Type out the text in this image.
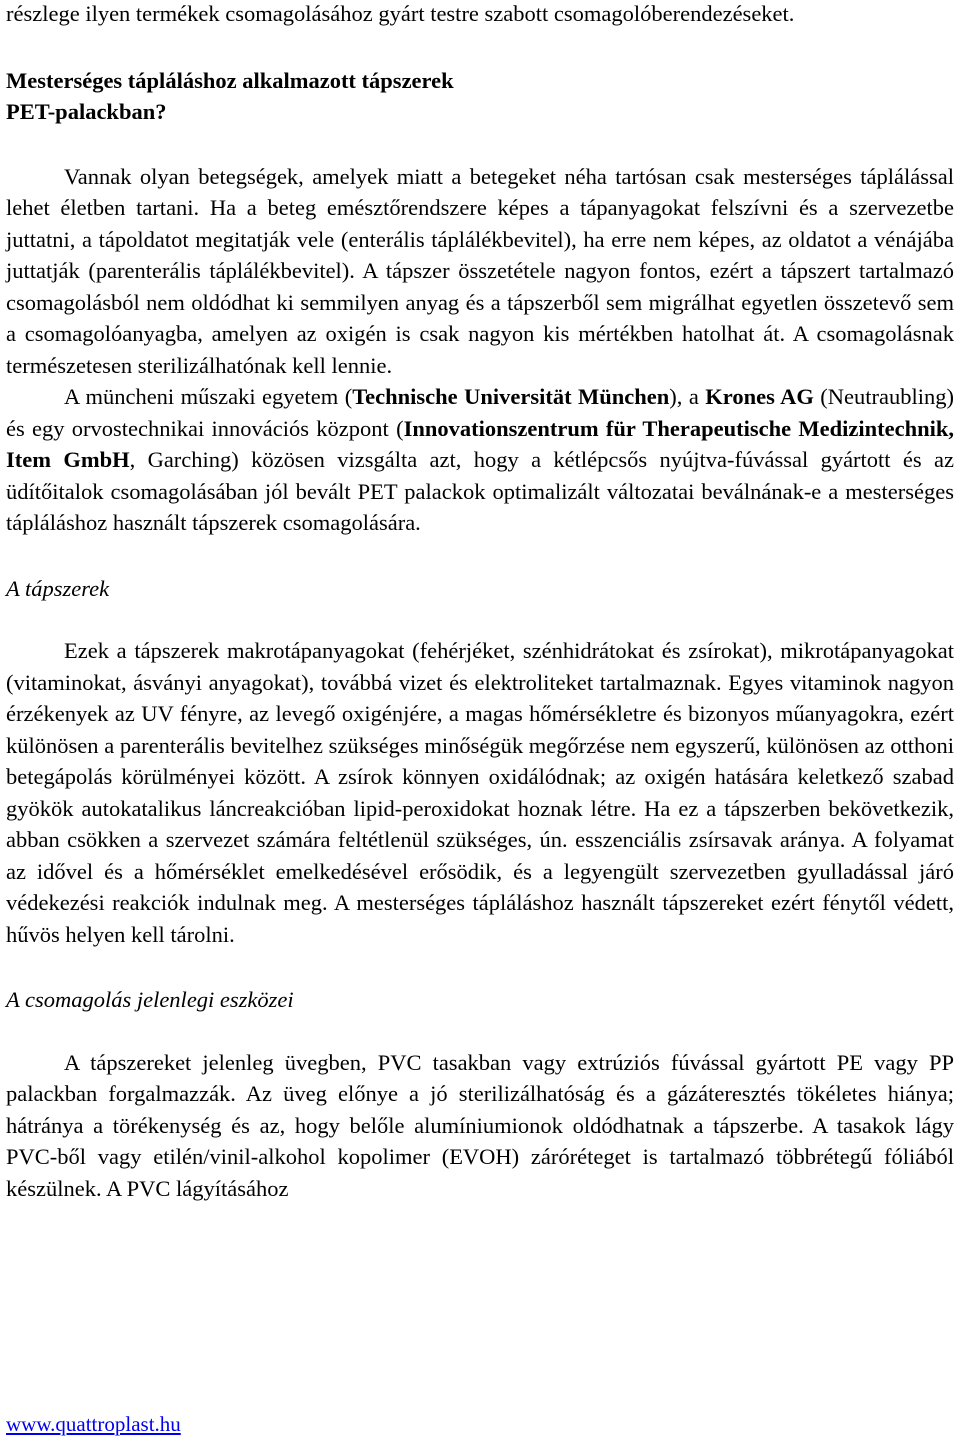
részlege ilyen termékek csomagolásához gyárt testre szabott csomagolóberendezéseket.

Mesterséges tápláláshoz alkalmazott tápszerek
PET-palackban?

Vannak olyan betegségek, amelyek miatt a betegeket néha tartósan csak mesterséges táplálással lehet életben tartani. Ha a beteg emésztőrendszere képes a tápanyagokat felszívni és a szervezetbe juttatni, a tápoldatot megitatják vele (enterális táplálékbevitel), ha erre nem képes, az oldatot a vénájába juttatják (parenterális táplálékbevitel). A tápszer összetétele nagyon fontos, ezért a tápszert tartalmazó csomagolásból nem oldódhat ki semmilyen anyag és a tápszerből sem migrálhat egyetlen összetevő sem a csomagolóanyagba, amelyen az oxigén is csak nagyon kis mértékben hatolhat át. A csomagolásnak természetesen sterilizálhatónak kell lennie.

A müncheni műszaki egyetem (Technische Universität München), a Krones AG (Neutraubling) és egy orvostechnikai innovációs központ (Innovationszentrum für Therapeutische Medizintechnik, Item GmbH, Garching) közösen vizsgálta azt, hogy a kétlépcsős nyújtva-fúvással gyártott és az üdítőitalok csomagolásában jól bevált PET palackok optimalizált változatai beválnának-e a mesterséges tápláláshoz használt tápszerek csomagolására.

A tápszerek

Ezek a tápszerek makrotápanyagokat (fehérjéket, szénhidrátokat és zsírokat), mikrotápanyagokat (vitaminokat, ásványi anyagokat), továbbá vizet és elektroliteket tartalmaznak. Egyes vitaminok nagyon érzékenyek az UV fényre, az levegő oxigénjére, a magas hőmérsékletre és bizonyos műanyagokra, ezért különösen a parenterális bevitelhez szükséges minőségük megőrzése nem egyszerű, különösen az otthoni betegápolás körülményei között. A zsírok könnyen oxidálódnak; az oxigén hatására keletkező szabad gyökök autokatalikus láncreakcióban lipid-peroxidokat hoznak létre. Ha ez a tápszerben bekövetkezik, abban csökken a szervezet számára feltétlenül szükséges, ún. esszenciális zsírsavak aránya. A folyamat az idővel és a hőmérséklet emelkedésével erősödik, és a legyengült szervezetben gyulladással járó védekezési reakciók indulnak meg. A mesterséges tápláláshoz használt tápszereket ezért fénytől védett, hűvös helyen kell tárolni.

A csomagolás jelenlegi eszközei

A tápszereket jelenleg üvegben, PVC tasakban vagy extrúziós fúvással gyártott PE vagy PP palackban forgalmazzák. Az üveg előnye a jó sterilizálhatóság és a gázáteresztés tökéletes hiánya; hátránya a törékenység és az, hogy belőle alumíniumionok oldódhatnak a tápszerbe. A tasakok lágy PVC-ből vagy etilén/vinil-alkohol kopolimer (EVOH) záróréteget is tartalmazó többrétegű fóliából készülnek. A PVC lágyításához

www.quattroplast.hu
